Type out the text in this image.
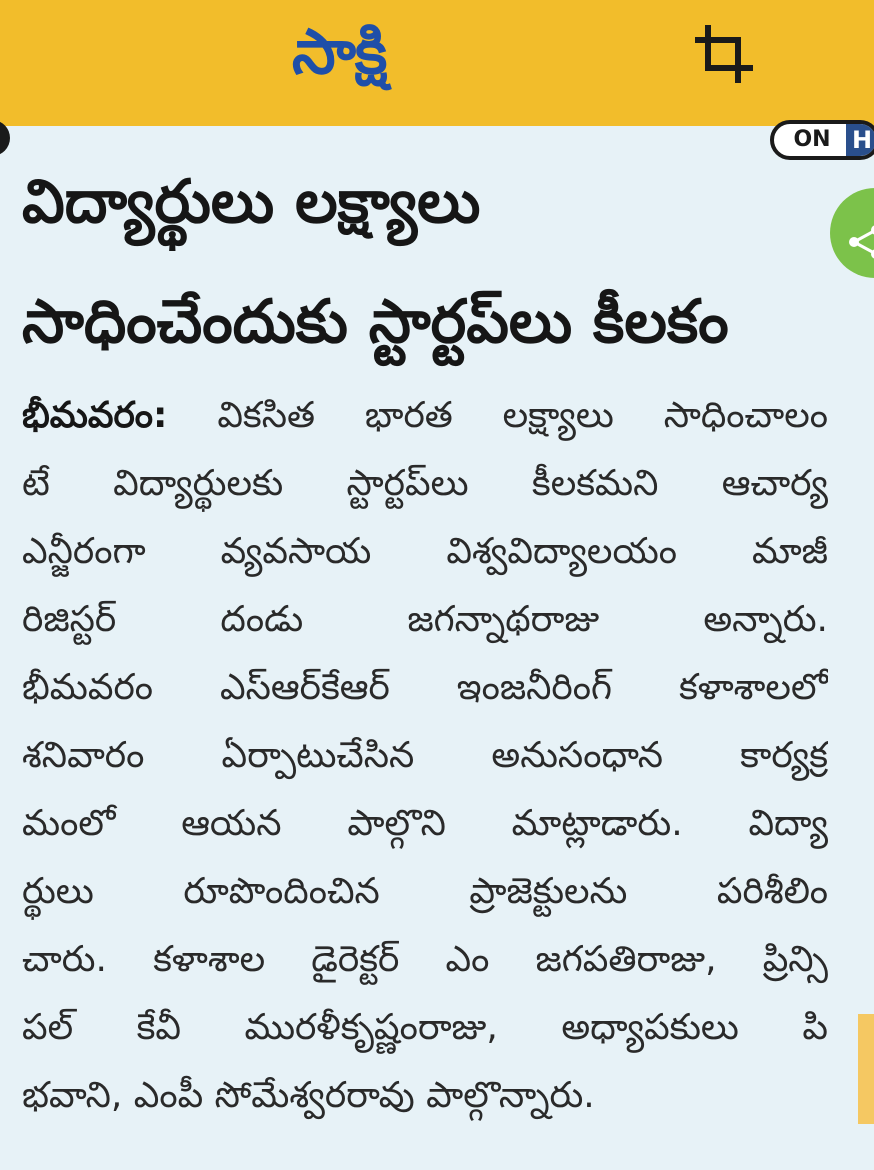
సాక్షి
ON H
విద్యార్థులు లక్ష్యాలు
సాధించేందుకు స్టార్టప్‌లు కీలకం
భీమవరం: వికసిత భారత లక్ష్యాలు సాధించాలం
టే విద్యార్థులకు స్టార్టప్‌లు కీలకమని ఆచార్య
ఎన్జీరంగా వ్యవసాయ విశ్వవిద్యాలయం మాజీ
రిజిస్టర్ దండు జగన్నాథరాజు అన్నారు.
భీమవరం ఎస్‌ఆర్‌కేఆర్ ఇంజనీరింగ్ కళాశాలలో
శనివారం ఏర్పాటుచేసిన అనుసంధాన కార్యక్ర
మంలో ఆయన పాల్గొని మాట్లాడారు. విద్యా
ర్థులు రూపొందించిన ప్రాజెక్టులను పరిశీలిం
చారు. కళాశాల డైరెక్టర్ ఎం జగపతిరాజు, ప్రిన్సి
పల్ కేవీ మురళీకృష్ణంరాజు, అధ్యాపకులు పి
భవాని, ఎంపీ సోమేశ్వరరావు పాల్గొన్నారు.
